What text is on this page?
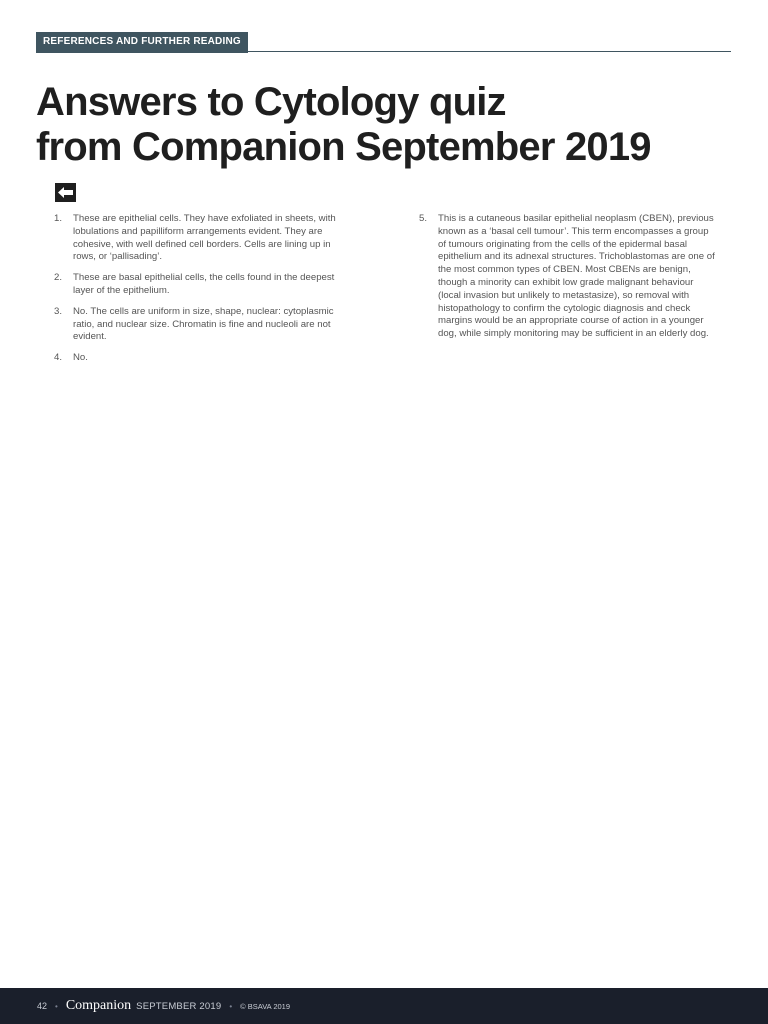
REFERENCES AND FURTHER READING
Answers to Cytology quiz
from Companion September 2019
1.	These are epithelial cells. They have exfoliated in sheets, with lobulations and papilliform arrangements evident. They are cohesive, with well defined cell borders. Cells are lining up in rows, or ‘pallisading’.
2.	These are basal epithelial cells, the cells found in the deepest layer of the epithelium.
3.	No. The cells are uniform in size, shape, nuclear: cytoplasmic ratio, and nuclear size. Chromatin is fine and nucleoli are not evident.
4.	No.
5.	This is a cutaneous basilar epithelial neoplasm (CBEN), previous known as a ‘basal cell tumour’. This term encompasses a group of tumours originating from the cells of the epidermal basal epithelium and its adnexal structures. Trichoblastomas are one of the most common types of CBEN. Most CBENs are benign, though a minority can exhibit low grade malignant behaviour (local invasion but unlikely to metastasize), so removal with histopathology to confirm the cytologic diagnosis and check margins would be an appropriate course of action in a younger dog, while simply monitoring may be sufficient in an elderly dog.
42 • Companion SEPTEMBER 2019 • © BSAVA 2019
